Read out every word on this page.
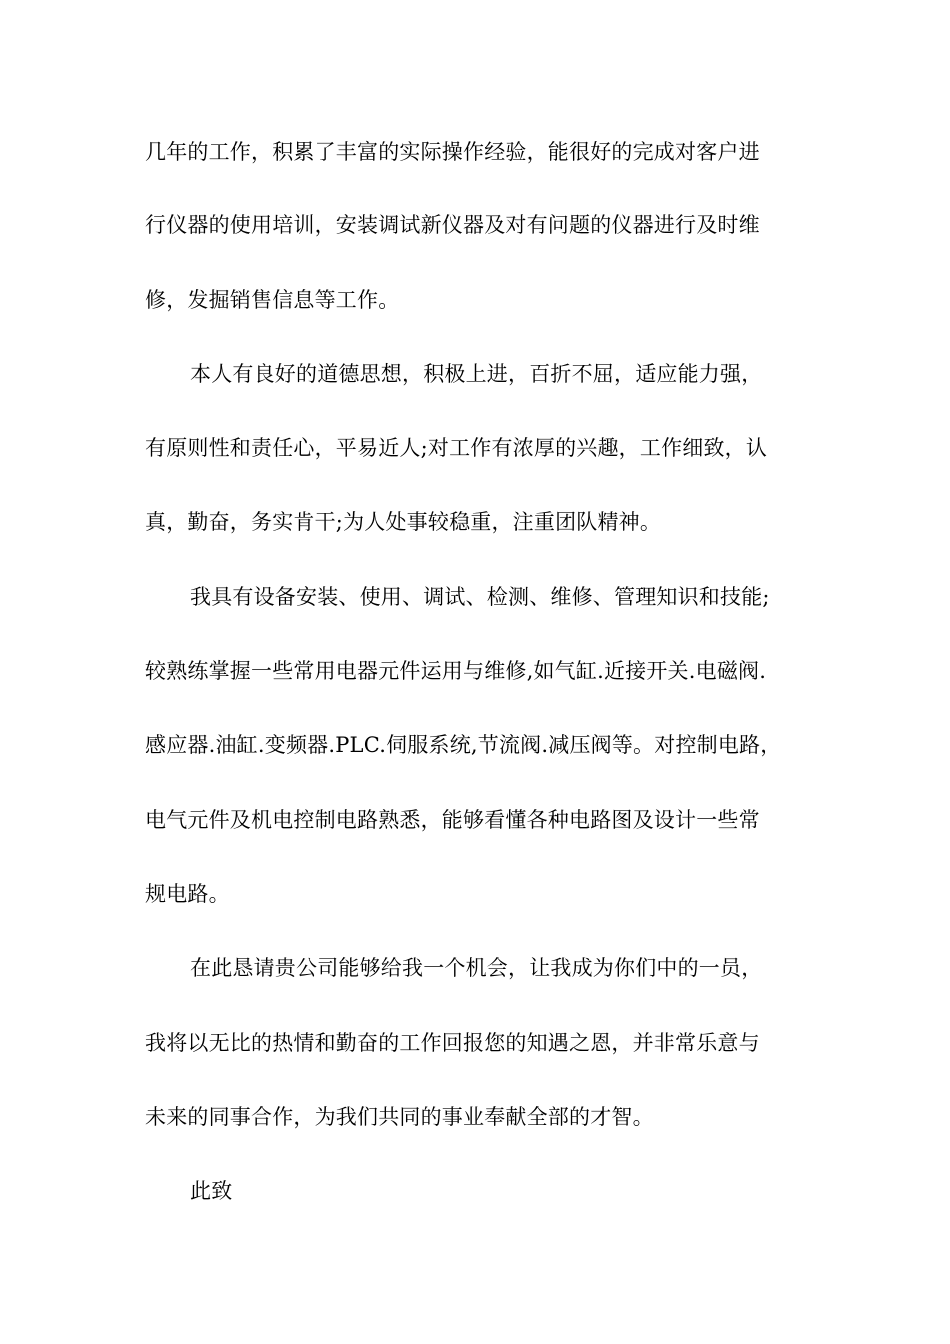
几年的工作，积累了丰富的实际操作经验，能很好的完成对客户进
行仪器的使用培训，安装调试新仪器及对有问题的仪器进行及时维
修，发掘销售信息等工作。
本人有良好的道德思想，积极上进，百折不屈，适应能力强，
有原则性和责任心，平易近人;对工作有浓厚的兴趣，工作细致，认
真，勤奋，务实肯干;为人处事较稳重，注重团队精神。
我具有设备安装、使用、调试、检测、维修、管理知识和技能;
较熟练掌握一些常用电器元件运用与维修,如气缸.近接开关.电磁阀.
感应器.油缸.变频器.PLC.伺服系统,节流阀.减压阀等。对控制电路，
电气元件及机电控制电路熟悉，能够看懂各种电路图及设计一些常
规电路。
在此恳请贵公司能够给我一个机会，让我成为你们中的一员，
我将以无比的热情和勤奋的工作回报您的知遇之恩，并非常乐意与
未来的同事合作，为我们共同的事业奉献全部的才智。
此致
